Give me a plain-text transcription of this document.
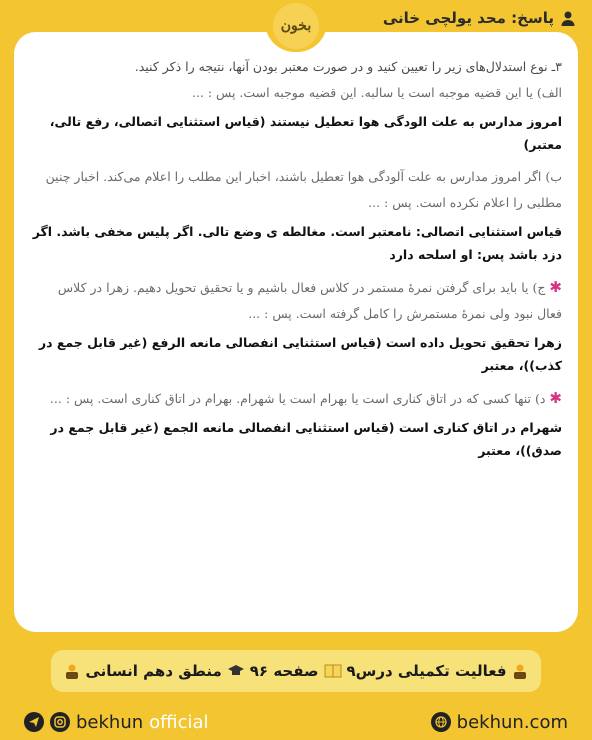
پاسخ: محد یولچی خانی
بخون

۳ـ نوع استدلال‌های زیر را تعیین کنید و در صورت معتبر بودن آنها، نتیجه را ذکر کنید.

الف) یا این قضیه موجبه است یا سالبه. این قضیه موجبه است. پس : ...

امروز مدارس به علت الودگی هوا تعطیل نیستند (قیاس استثنایی اتصالی، رفع تالی، معتبر)

ب) اگر امروز مدارس به علت آلودگی هوا تعطیل باشند، اخبار این مطلب را اعلام می‌کند. اخبار چنین مطلبی را اعلام نکرده است. پس : ...

قیاس استثنایی اتصالی: نامعتبر است. مغالطه ی وضع تالی. اگر پلیس مخفی باشد. اگر دزد باشد پس: او اسلحه دارد

✱ ج) یا باید برای گرفتن نمرهٔ مستمر در کلاس فعال باشیم و یا تحقیق تحویل دهیم. زهرا در کلاس فعال نبود ولی نمرهٔ مستمرش را کامل گرفته است. پس : ...

زهرا تحقیق تحویل داده است (قیاس استثنایی انفصالی مانعه الرفع (غیر قابل جمع در کذب))، معتبر

✱ د) تنها کسی که در اتاق کناری است یا بهرام است یا شهرام. بهرام در اتاق کناری است. پس : ...

شهرام در اتاق کناری است (قیاس استثنایی انفصالی مانعه الجمع (غیر قابل جمع در صدق))، معتبر

فعالیت تکمیلی درس۹
صفحه ۹۶
منطق دهم انسانی
bekhun official	bekhun.com
